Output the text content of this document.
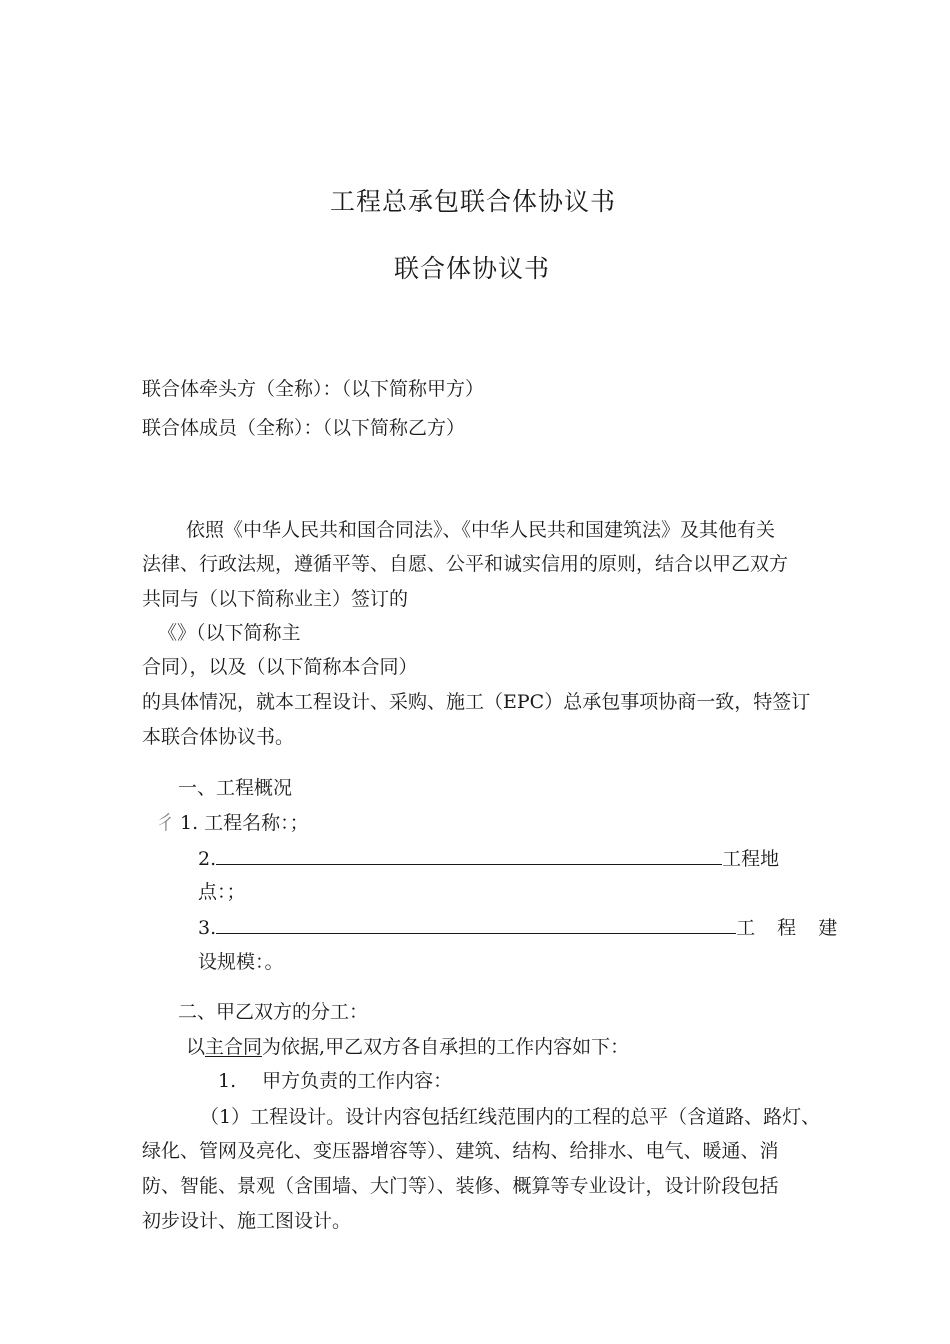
工程总承包联合体协议书
联合体协议书
联合体牵头方（全称）：（以下简称甲方）
联合体成员（全称）：（以下简称乙方）
依照《中华人民共和国合同法》、《中华人民共和国建筑法》及其他有关
法律、行政法规，遵循平等、自愿、公平和诚实信用的原则，结合以甲乙双方
共同与（以下简称业主）签订的
《》（以下简称主
合同），以及（以下简称本合同）
的具体情况，就本工程设计、采购、施工（EPC）总承包事项协商一致，特签订
本联合体协议书。
一、工程概况
彳 1. 工程名称：；
2.	工程地
点：；
3.	工 程 建
设规模：。
二、甲乙双方的分工：
以主合同为依据,甲乙双方各自承担的工作内容如下：
1. 甲方负责的工作内容：
（1）工程设计。设计内容包括红线范围内的工程的总平（含道路、路灯、
绿化、管网及亮化、变压器增容等）、建筑、结构、给排水、电气、暖通、消
防、智能、景观（含围墙、大门等）、装修、概算等专业设计，设计阶段包括
初步设计、施工图设计。
